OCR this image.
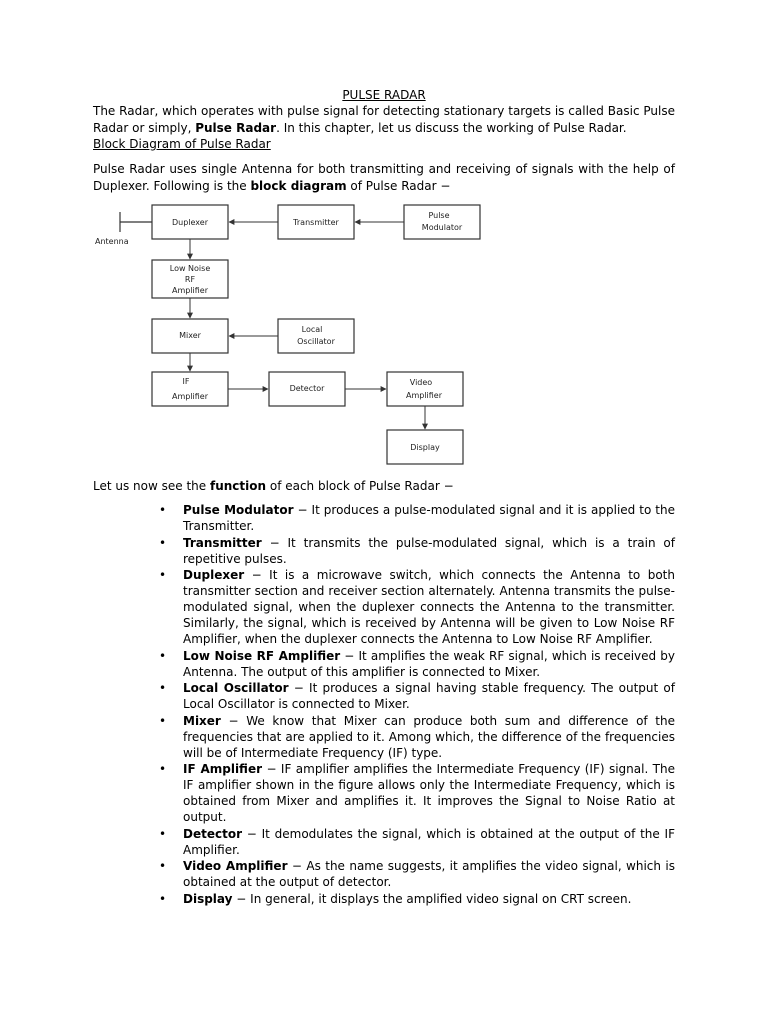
PULSE RADAR
The Radar, which operates with pulse signal for detecting stationary targets is called Basic Pulse Radar or simply, Pulse Radar. In this chapter, let us discuss the working of Pulse Radar.
Block Diagram of Pulse Radar
Pulse Radar uses single Antenna for both transmitting and receiving of signals with the help of Duplexer. Following is the block diagram of Pulse Radar −
Antenna
Duplexer	Transmitter
Pulse
Modulator
Low Noise
RF
Amplifier
Mixer
Local
Oscillator
IF
Amplifier
Detector
Video
Amplifier
Display
Let us now see the function of each block of Pulse Radar −
• Pulse Modulator − It produces a pulse-modulated signal and it is applied to the Transmitter.
• Transmitter − It transmits the pulse-modulated signal, which is a train of repetitive pulses.
• Duplexer − It is a microwave switch, which connects the Antenna to both transmitter section and receiver section alternately. Antenna transmits the pulse-modulated signal, when the duplexer connects the Antenna to the transmitter. Similarly, the signal, which is received by Antenna will be given to Low Noise RF Amplifier, when the duplexer connects the Antenna to Low Noise RF Amplifier.
• Low Noise RF Amplifier − It amplifies the weak RF signal, which is received by Antenna. The output of this amplifier is connected to Mixer.
• Local Oscillator − It produces a signal having stable frequency. The output of Local Oscillator is connected to Mixer.
• Mixer − We know that Mixer can produce both sum and difference of the frequencies that are applied to it. Among which, the difference of the frequencies will be of Intermediate Frequency (IF) type.
• IF Amplifier − IF amplifier amplifies the Intermediate Frequency (IF) signal. The IF amplifier shown in the figure allows only the Intermediate Frequency, which is obtained from Mixer and amplifies it. It improves the Signal to Noise Ratio at output.
• Detector − It demodulates the signal, which is obtained at the output of the IF Amplifier.
• Video Amplifier − As the name suggests, it amplifies the video signal, which is obtained at the output of detector.
• Display − In general, it displays the amplified video signal on CRT screen.
